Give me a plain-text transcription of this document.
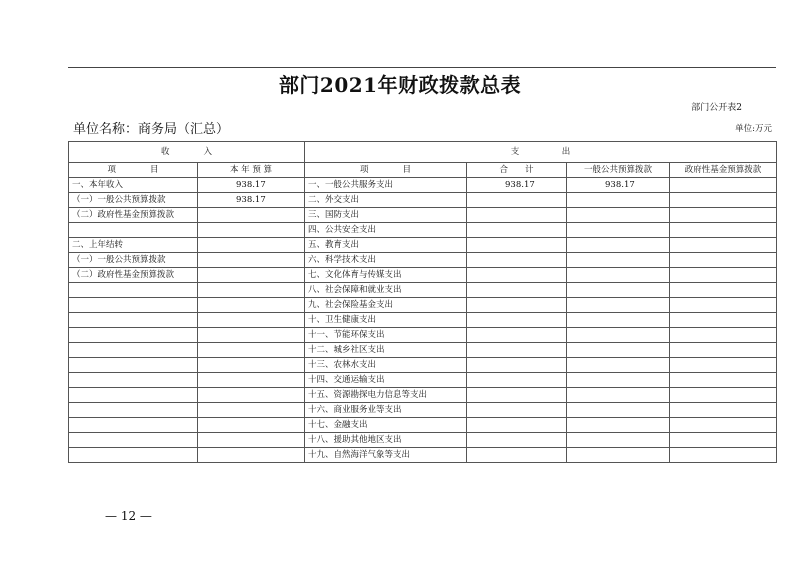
部门2021年财政拨款总表
部门公开表2
单位名称：商务局（汇总）	单位:万元
收　　　　入		支　　　　　出			
项　　　　目	本 年 预 算	项　　　　目	合　　计	一般公共预算拨款	政府性基金预算拨款
一、本年收入	938.17	一、一般公共服务支出	938.17	938.17	
（一）一般公共预算拨款	938.17	二、外交支出			
（二）政府性基金预算拨款		三、国防支出			
		四、公共安全支出			
二、上年结转		五、教育支出			
（一）一般公共预算拨款		六、科学技术支出			
（二）政府性基金预算拨款		七、文化体育与传媒支出			
		八、社会保障和就业支出			
		九、社会保险基金支出			
		十、卫生健康支出			
		十一、节能环保支出			
		十二、城乡社区支出			
		十三、农林水支出			
		十四、交通运输支出			
		十五、资源勘探电力信息等支出			
		十六、商业服务业等支出			
		十七、金融支出			
		十八、援助其他地区支出			
		十九、自然海洋气象等支出			
— 12 —
